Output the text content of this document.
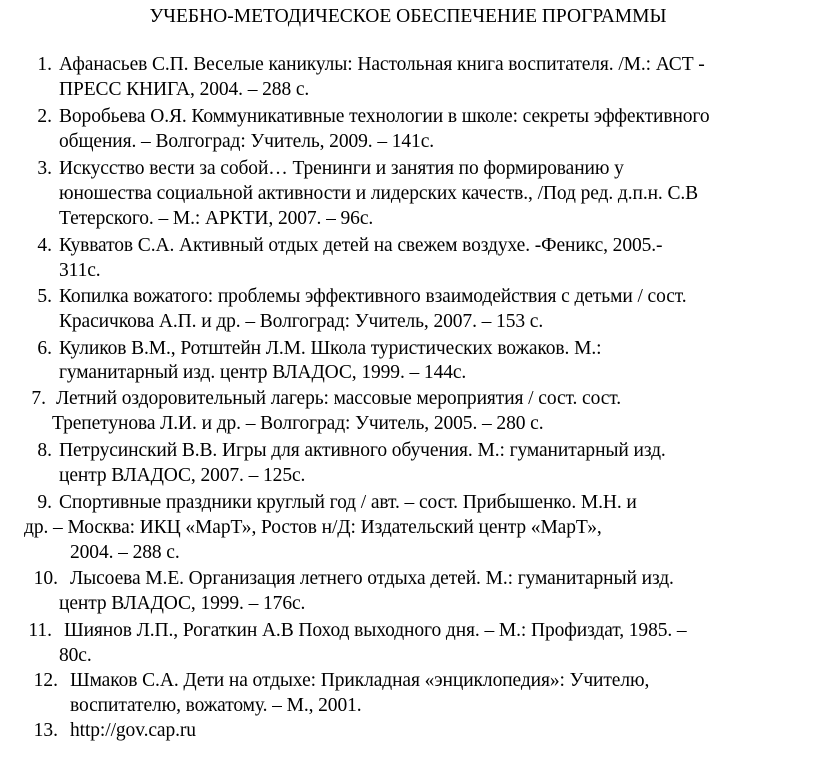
УЧЕБНО-МЕТОДИЧЕСКОЕ ОБЕСПЕЧЕНИЕ ПРОГРАММЫ
1. Афанасьев С.П. Веселые каникулы: Настольная книга воспитателя. /М.: АСТ -
ПРЕСС КНИГА, 2004. – 288 с.
2. Воробьева О.Я. Коммуникативные технологии в школе: секреты эффективного
общения. – Волгоград: Учитель, 2009. – 141с.
3. Искусство вести за собой… Тренинги и занятия по формированию у
юношества социальной активности и лидерских качеств., /Под ред. д.п.н. С.В
Тетерского. – М.: АРКТИ, 2007. – 96с.
4. Кувватов С.А. Активный отдых детей на свежем воздухе. -Феникс, 2005.-
311с.
5. Копилка вожатого: проблемы эффективного взаимодействия с детьми / сост.
Красичкова А.П. и др. – Волгоград: Учитель, 2007. – 153 с.
6. Куликов В.М., Ротштейн Л.М. Школа туристических вожаков. М.:
гуманитарный изд. центр ВЛАДОС, 1999. – 144с.
7. Летний оздоровительный лагерь: массовые мероприятия / сост. сост.
Трепетунова Л.И. и др. – Волгоград: Учитель, 2005. – 280 с.
8. Петрусинский В.В. Игры для активного обучения. М.: гуманитарный изд.
центр ВЛАДОС, 2007. – 125с.
9. Спортивные праздники круглый год / авт. – сост. Прибышенко. М.Н. и
др. – Москва: ИКЦ «МарТ», Ростов н/Д: Издательский центр «МарТ»,
2004. – 288 с.
10. Лысоева М.Е. Организация летнего отдыха детей. М.: гуманитарный изд.
центр ВЛАДОС, 1999. – 176с.
11. Шиянов Л.П., Рогаткин А.В Поход выходного дня. – М.: Профиздат, 1985. –
80с.
12. Шмаков С.А. Дети на отдыхе: Прикладная «энциклопедия»: Учителю,
воспитателю, вожатому. – М., 2001.
13. http://gov.cap.ru
